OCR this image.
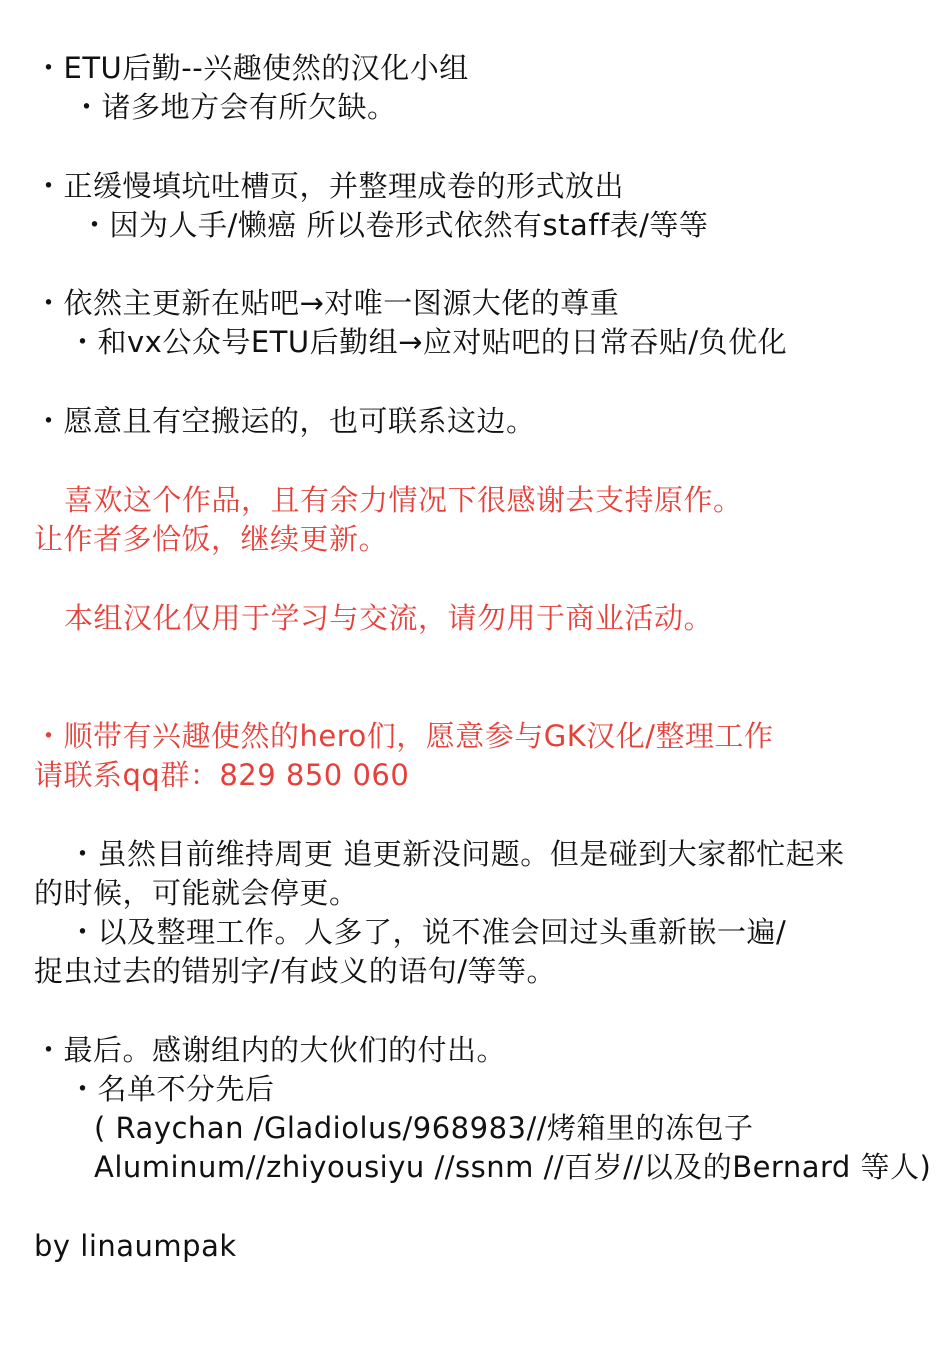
・ETU后勤--兴趣使然的汉化小组
・诸多地方会有所欠缺。
・正缓慢填坑吐槽页，并整理成卷的形式放出
・因为人手/懒癌 所以卷形式依然有staff表/等等
・依然主更新在贴吧→对唯一图源大佬的尊重
・和vx公众号ETU后勤组→应对贴吧的日常吞贴/负优化
・愿意且有空搬运的，也可联系这边。
喜欢这个作品，且有余力情况下很感谢去支持原作。
让作者多恰饭，继续更新。
本组汉化仅用于学习与交流，请勿用于商业活动。
・顺带有兴趣使然的hero们，愿意参与GK汉化/整理工作
请联系qq群：829 850 060
・虽然目前维持周更 追更新没问题。但是碰到大家都忙起来
的时候，可能就会停更。
・以及整理工作。人多了，说不准会回过头重新嵌一遍/
捉虫过去的错别字/有歧义的语句/等等。
・最后。感谢组内的大伙们的付出。
・名单不分先后
( Raychan /Gladiolus/968983//烤箱里的冻包子
Aluminum//zhiyousiyu //ssnm //百岁//以及的Bernard 等人)
by linaumpak
